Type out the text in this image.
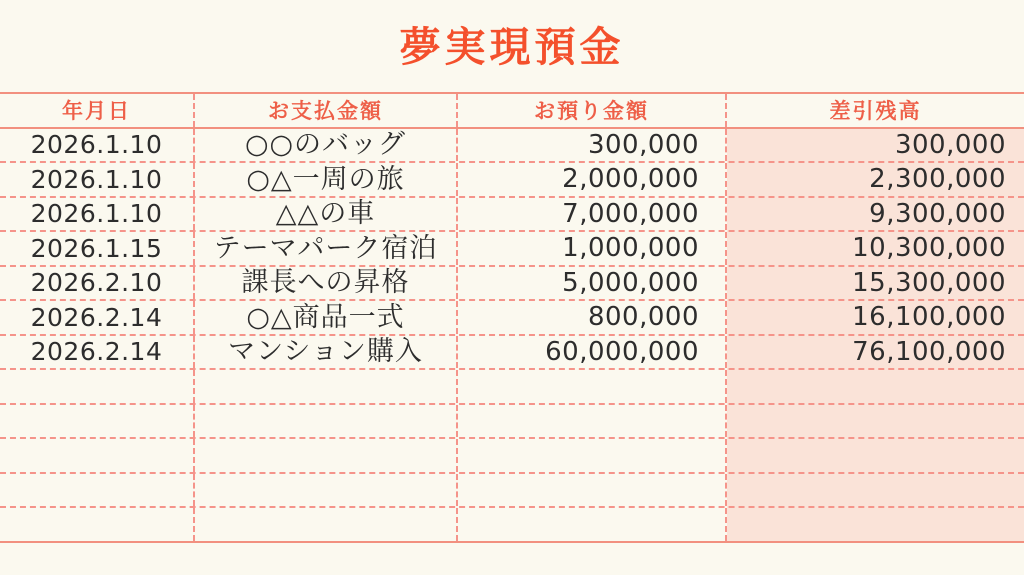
夢実現預金
年月日	お支払金額	お預り金額	差引残高
2026.1.10	○○のバッグ	300,000	300,000
2026.1.10	○△一周の旅	2,000,000	2,300,000
2026.1.10	△△の車	7,000,000	9,300,000
2026.1.15	テーマパーク宿泊	1,000,000	10,300,000
2026.2.10	課長への昇格	5,000,000	15,300,000
2026.2.14	○△商品一式	800,000	16,100,000
2026.2.14	マンション購入	60,000,000	76,100,000
